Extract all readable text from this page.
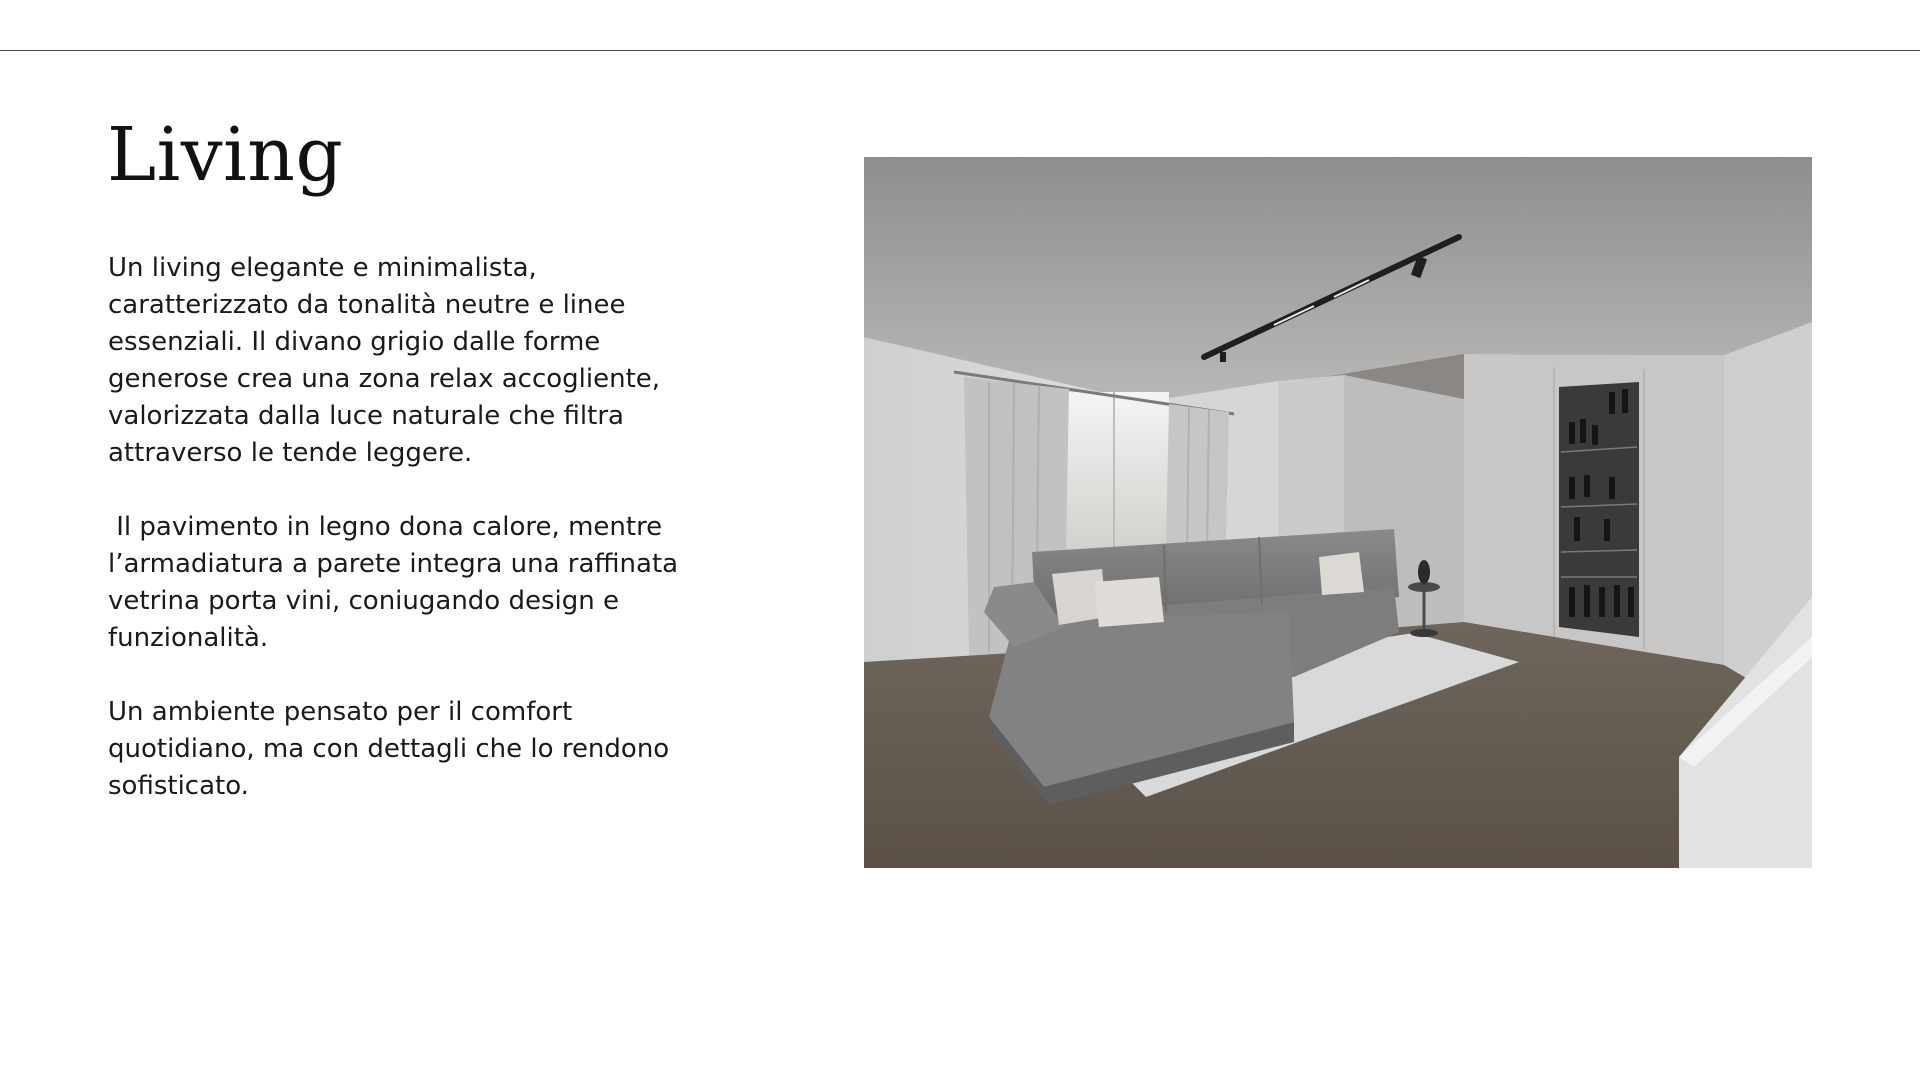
Living

Un living elegante e minimalista, caratterizzato da tonalità neutre e linee essenziali. Il divano grigio dalle forme generose crea una zona relax accogliente, valorizzata dalla luce naturale che filtra attraverso le tende leggere.

Il pavimento in legno dona calore, mentre l’armadiatura a parete integra una raffinata vetrina porta vini, coniugando design e funzionalità.

Un ambiente pensato per il comfort quotidiano, ma con dettagli che lo rendono sofisticato.
